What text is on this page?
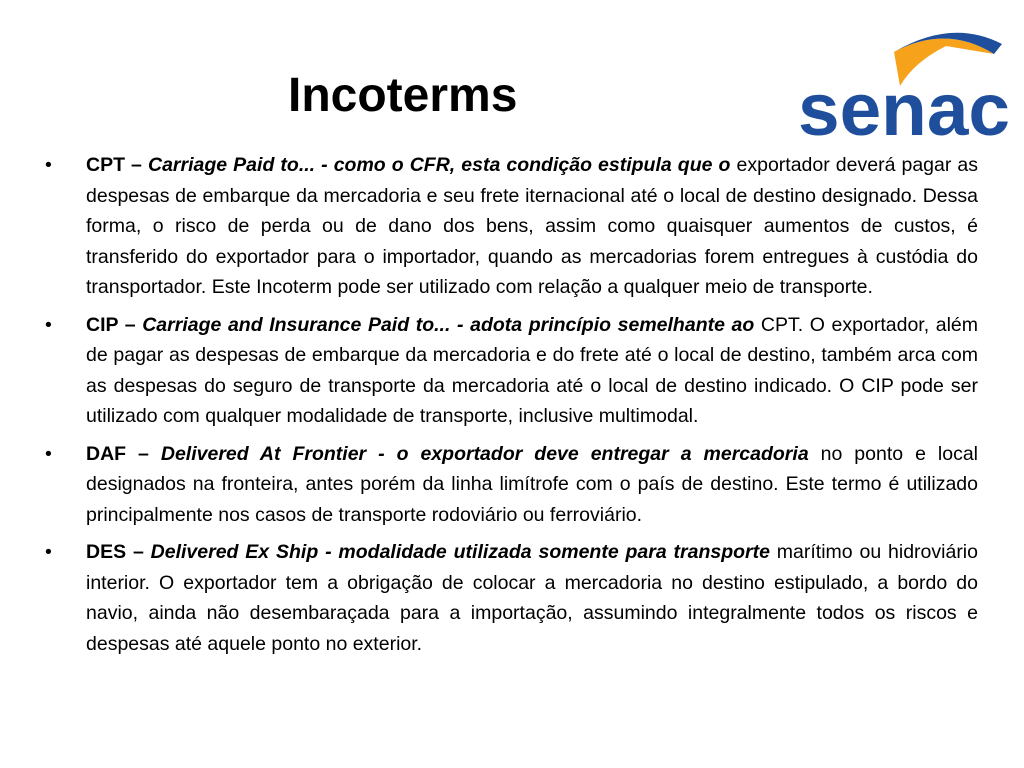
Incoterms	senac
• CPT – Carriage Paid to... - como o CFR, esta condição estipula que o exportador deverá pagar as despesas de embarque da mercadoria e seu frete iternacional até o local de destino designado. Dessa forma, o risco de perda ou de dano dos bens, assim como quaisquer aumentos de custos, é transferido do exportador para o importador, quando as mercadorias forem entregues à custódia do transportador. Este Incoterm pode ser utilizado com relação a qualquer meio de transporte.
• CIP – Carriage and Insurance Paid to... - adota princípio semelhante ao CPT. O exportador, além de pagar as despesas de embarque da mercadoria e do frete até o local de destino, também arca com as despesas do seguro de transporte da mercadoria até o local de destino indicado. O CIP pode ser utilizado com qualquer modalidade de transporte, inclusive multimodal.
• DAF – Delivered At Frontier - o exportador deve entregar a mercadoria no ponto e local designados na fronteira, antes porém da linha limítrofe com o país de destino. Este termo é utilizado principalmente nos casos de transporte rodoviário ou ferroviário.
• DES – Delivered Ex Ship - modalidade utilizada somente para transporte marítimo ou hidroviário interior. O exportador tem a obrigação de colocar a mercadoria no destino estipulado, a bordo do navio, ainda não desembaraçada para a importação, assumindo integralmente todos os riscos e despesas até aquele ponto no exterior.
